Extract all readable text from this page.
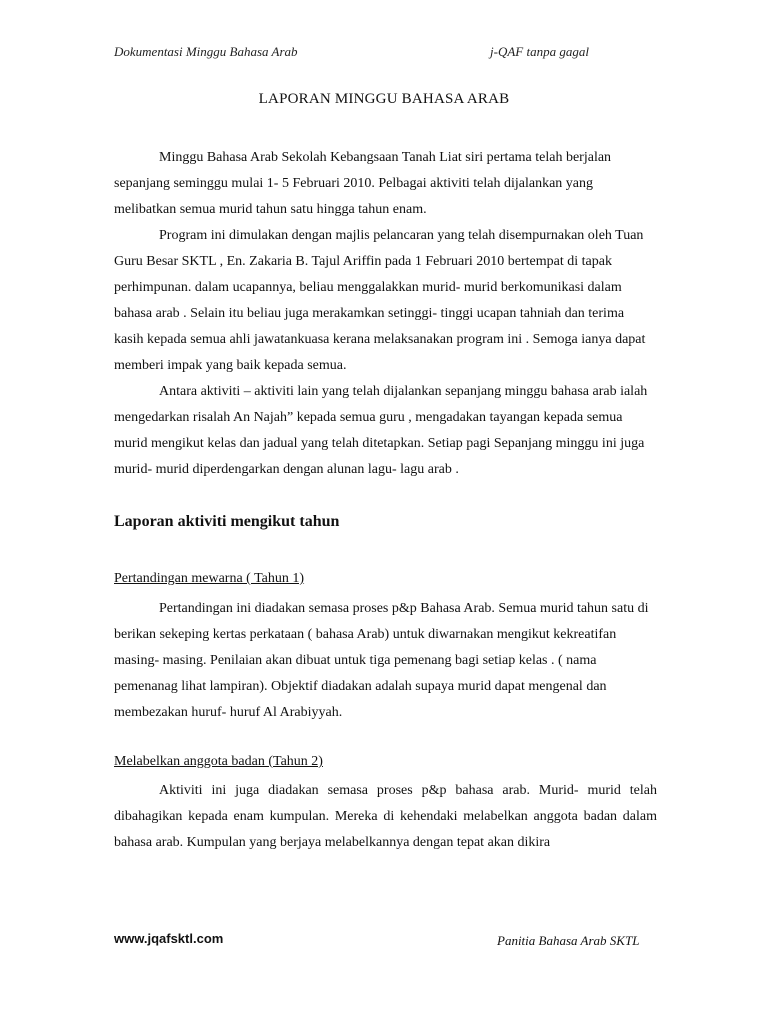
Dokumentasi Minggu Bahasa Arab	j-QAF tanpa gagal
LAPORAN MINGGU BAHASA ARAB

Minggu Bahasa Arab Sekolah Kebangsaan Tanah Liat siri pertama telah berjalan sepanjang seminggu mulai 1- 5 Februari 2010. Pelbagai aktiviti telah dijalankan yang melibatkan semua murid tahun satu hingga tahun enam.

Program ini dimulakan dengan majlis pelancaran yang telah disempurnakan oleh Tuan Guru Besar SKTL , En. Zakaria B. Tajul Ariffin pada 1 Februari 2010 bertempat di tapak perhimpunan. dalam ucapannya, beliau menggalakkan murid- murid berkomunikasi dalam bahasa arab . Selain itu beliau juga merakamkan setinggi- tinggi ucapan tahniah dan terima kasih kepada semua ahli jawatankuasa kerana melaksanakan program ini . Semoga ianya dapat memberi impak yang baik kepada semua.

Antara aktiviti – aktiviti lain yang telah dijalankan sepanjang minggu bahasa arab ialah mengedarkan risalah An Najah” kepada semua guru , mengadakan tayangan kepada semua murid mengikut kelas dan jadual yang telah ditetapkan. Setiap pagi Sepanjang minggu ini juga murid- murid diperdengarkan dengan alunan lagu- lagu arab .

Laporan aktiviti mengikut tahun
Pertandingan mewarna ( Tahun 1)

Pertandingan ini diadakan semasa proses p&p Bahasa Arab. Semua murid tahun satu di berikan sekeping kertas perkataan ( bahasa Arab) untuk diwarnakan mengikut kekreatifan masing- masing. Penilaian akan dibuat untuk tiga pemenang bagi setiap kelas . ( nama pemenanag lihat lampiran). Objektif diadakan adalah supaya murid dapat mengenal dan membezakan huruf- huruf Al Arabiyyah.

Melabelkan anggota badan (Tahun 2)

Aktiviti ini juga diadakan semasa proses p&p bahasa arab. Murid- murid telah dibahagikan kepada enam kumpulan. Mereka di kehendaki melabelkan anggota badan dalam bahasa arab. Kumpulan yang berjaya melabelkannya dengan tepat akan dikira

www.jqafsktl.com	Panitia Bahasa Arab SKTL
